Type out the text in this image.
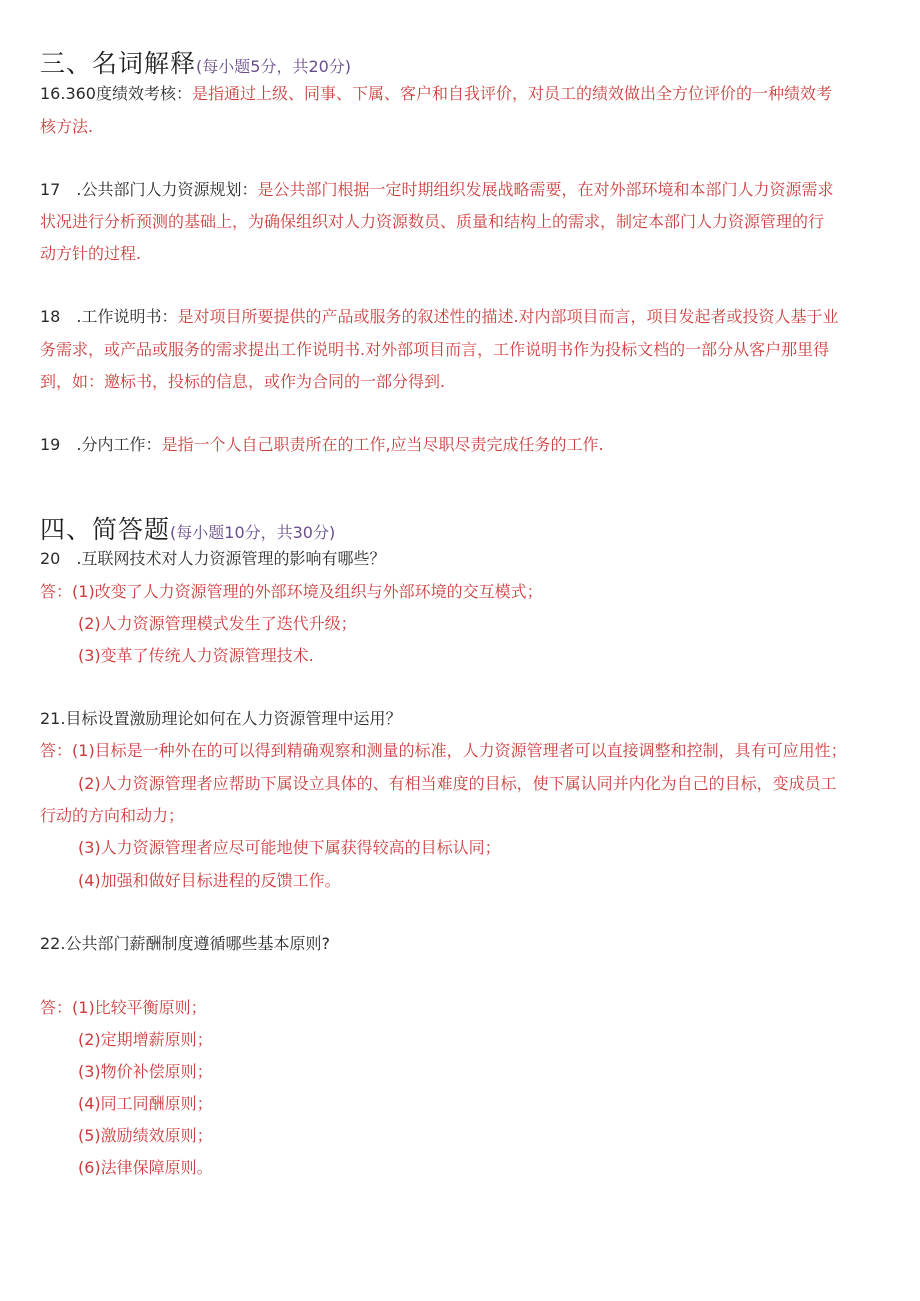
三、名词解释(每小题5分，共20分)
16.360度绩效考核：是指通过上级、同事、下属、客户和自我评价，对员工的绩效做出全方位评价的一种绩效考
核方法.
17 .公共部门人力资源规划：是公共部门根据一定时期组织发展战略需要，在对外部环境和本部门人力资源需求
状况进行分析预测的基础上，为确保组织对人力资源数员、质量和结构上的需求，制定本部门人力资源管理的行
动方针的过程.
18 .工作说明书：是对项目所要提供的产品或服务的叙述性的描述.对内部项目而言，项目发起者或投资人基于业
务需求，或产品或服务的需求提出工作说明书.对外部项目而言，工作说明书作为投标文档的一部分从客户那里得
到，如：邀标书，投标的信息，或作为合同的一部分得到.
19 .分内工作：是指一个人自己职责所在的工作,应当尽职尽责完成任务的工作.
四、简答题(每小题10分，共30分)
20 .互联网技术对人力资源管理的影响有哪些？
答：(1)改变了人力资源管理的外部环境及组织与外部环境的交互模式；
(2)人力资源管理模式发生了迭代升级；
(3)变革了传统人力资源管理技术.
21.目标设置激励理论如何在人力资源管理中运用？
答：(1)目标是一种外在的可以得到精确观察和测量的标准，人力资源管理者可以直接调整和控制，具有可应用性；
(2)人力资源管理者应帮助下属设立具体的、有相当难度的目标，使下属认同并内化为自己的目标，变成员工
行动的方向和动力；
(3)人力资源管理者应尽可能地使下属获得较高的目标认同；
(4)加强和做好目标进程的反馈工作。
22.公共部门薪酬制度遵循哪些基本原则?
答：(1)比较平衡原则；
(2)定期增薪原则；
(3)物价补偿原则；
(4)同工同酬原则；
(5)激励绩效原则；
(6)法律保障原则。
